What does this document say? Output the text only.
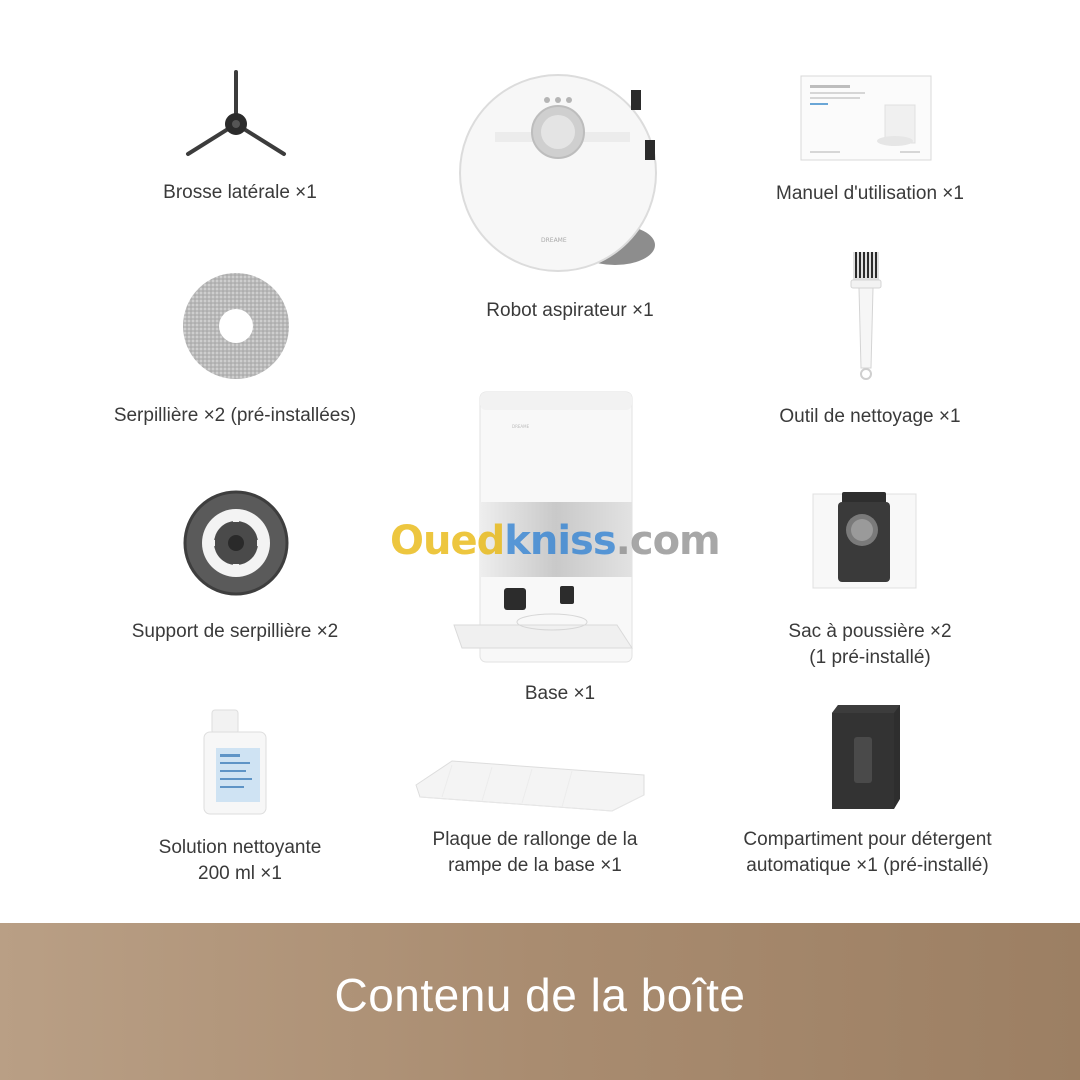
Brosse latérale ×1
DREAME
Robot aspirateur ×1
Manuel d'utilisation ×1
Serpillière ×2 (pré-installées)	Outil de nettoyage ×1
Support de serpillière ×2
DREAME
Base ×1
Sac à poussière ×2
(1 pré-installé)
Solution nettoyante
200 ml ×1
Plaque de rallonge de la
rampe de la base ×1
Compartiment pour détergent
automatique ×1 (pré-installé)
Ouedkniss.com
Contenu de la boîte
